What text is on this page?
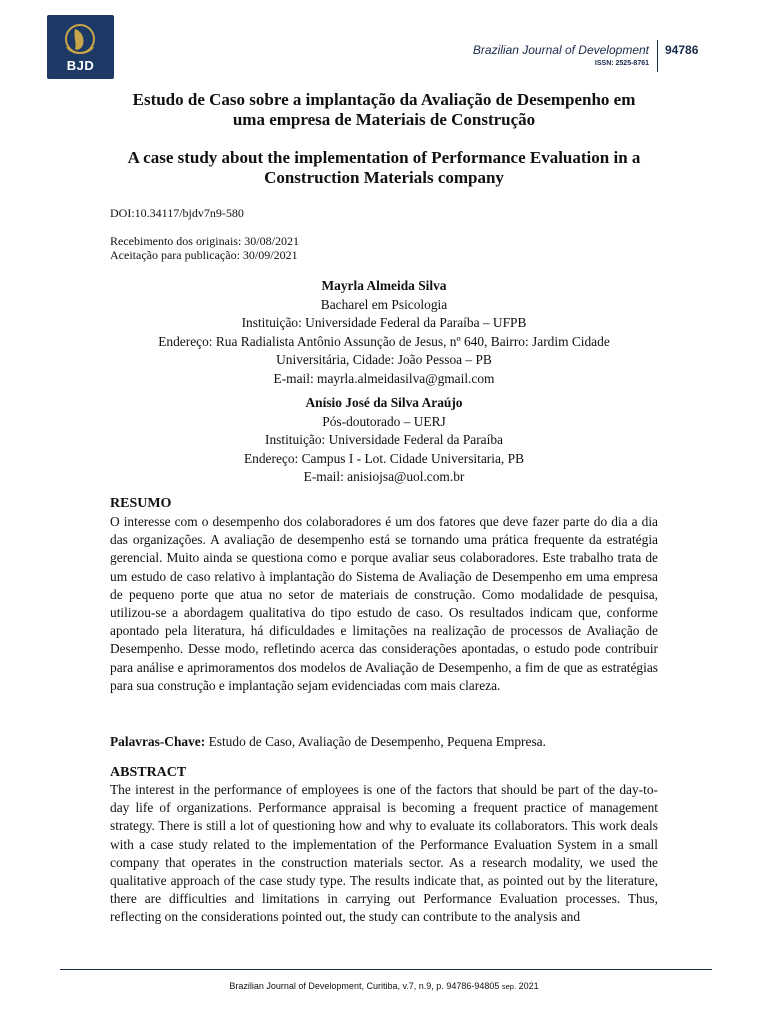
BJD
Brazilian Journal of Development
ISSN: 2525-8761
94786
Estudo de Caso sobre a implantação da Avaliação de Desempenho em
uma empresa de Materiais de Construção
A case study about the implementation of Performance Evaluation in a
Construction Materials company
DOI:10.34117/bjdv7n9-580
Recebimento dos originais: 30/08/2021
Aceitação para publicação: 30/09/2021
Mayrla Almeida Silva
Bacharel em Psicologia
Instituição: Universidade Federal da Paraíba – UFPB
Endereço: Rua Radialista Antônio Assunção de Jesus, nº 640, Bairro: Jardim Cidade
Universitária, Cidade: João Pessoa – PB
E-mail: mayrla.almeidasilva@gmail.com
Anísio José da Silva Araújo
Pós-doutorado – UERJ
Instituição: Universidade Federal da Paraíba
Endereço: Campus I - Lot. Cidade Universitaria, PB
E-mail: anisiojsa@uol.com.br
RESUMO
O interesse com o desempenho dos colaboradores é um dos fatores que deve fazer parte do dia a dia das organizações. A avaliação de desempenho está se tornando uma prática frequente da estratégia gerencial. Muito ainda se questiona como e porque avaliar seus colaboradores. Este trabalho trata de um estudo de caso relativo à implantação do Sistema de Avaliação de Desempenho em uma empresa de pequeno porte que atua no setor de materiais de construção. Como modalidade de pesquisa, utilizou-se a abordagem qualitativa do tipo estudo de caso. Os resultados indicam que, conforme apontado pela literatura, há dificuldades e limitações na realização de processos de Avaliação de Desempenho. Desse modo, refletindo acerca das considerações apontadas, o estudo pode contribuir para análise e aprimoramentos dos modelos de Avaliação de Desempenho, a fim de que as estratégias para sua construção e implantação sejam evidenciadas com mais clareza.
Palavras-Chave: Estudo de Caso, Avaliação de Desempenho, Pequena Empresa.
ABSTRACT
The interest in the performance of employees is one of the factors that should be part of the day-to-day life of organizations. Performance appraisal is becoming a frequent practice of management strategy. There is still a lot of questioning how and why to evaluate its collaborators. This work deals with a case study related to the implementation of the Performance Evaluation System in a small company that operates in the construction materials sector. As a research modality, we used the qualitative approach of the case study type. The results indicate that, as pointed out by the literature, there are difficulties and limitations in carrying out Performance Evaluation processes. Thus, reflecting on the considerations pointed out, the study can contribute to the analysis and
Brazilian Journal of Development, Curitiba, v.7, n.9, p. 94786-94805 sep. 2021
